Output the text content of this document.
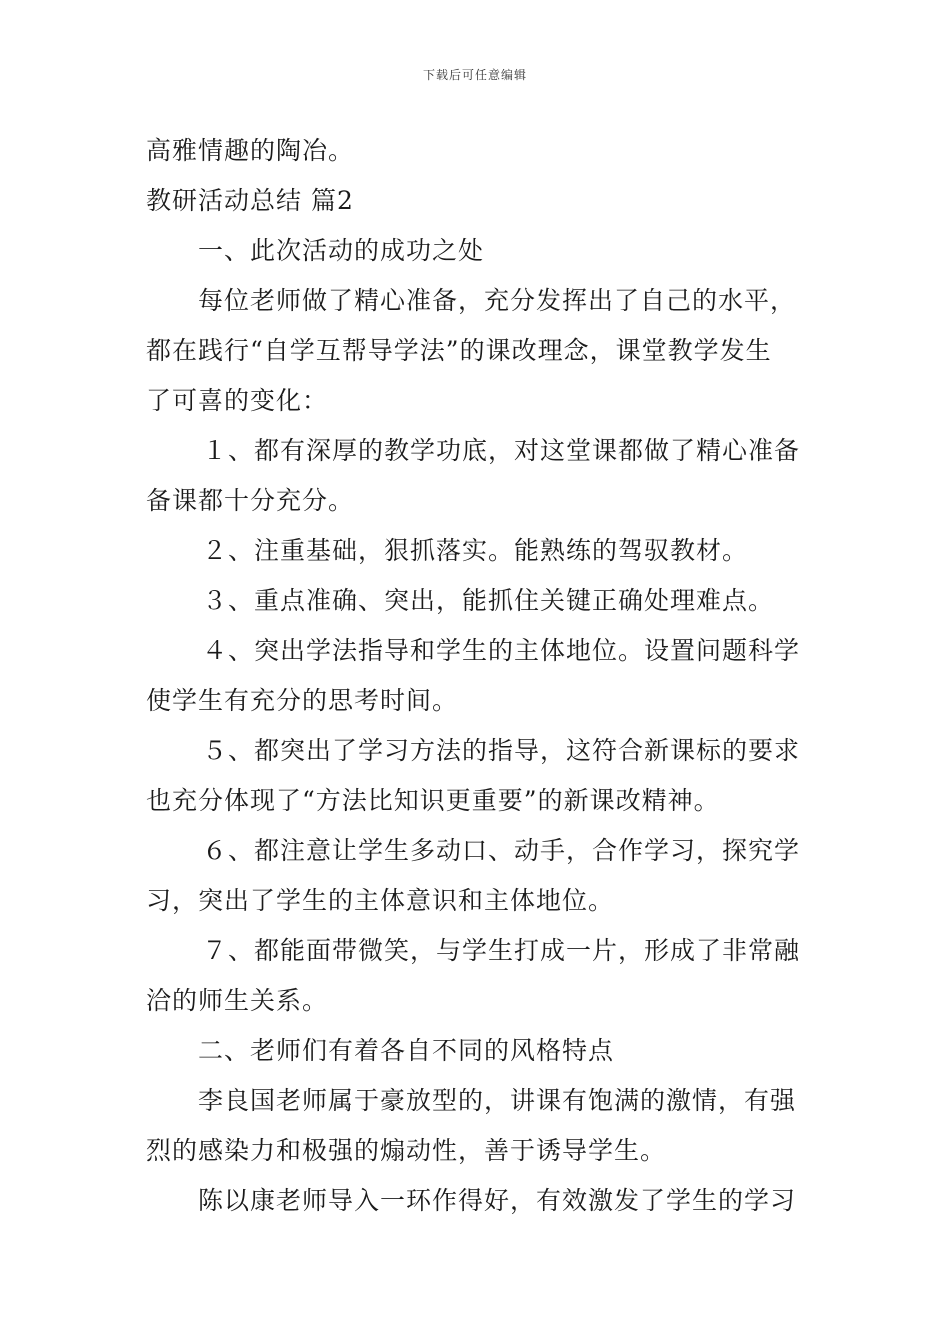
下载后可任意编辑
高雅情趣的陶冶。
教研活动总结 篇2
一、此次活动的成功之处
每位老师做了精心准备，充分发挥出了自己的水平，
都在践行“自学互帮导学法”的课改理念，课堂教学发生
了可喜的变化：
１、都有深厚的教学功底，对这堂课都做了精心准备
备课都十分充分。
２、注重基础，狠抓落实。能熟练的驾驭教材。
３、重点准确、突出，能抓住关键正确处理难点。
４、突出学法指导和学生的主体地位。设置问题科学
使学生有充分的思考时间。
５、都突出了学习方法的指导，这符合新课标的要求
也充分体现了“方法比知识更重要”的新课改精神。
６、都注意让学生多动口、动手，合作学习，探究学
习，突出了学生的主体意识和主体地位。
７、都能面带微笑，与学生打成一片，形成了非常融
洽的师生关系。
二、老师们有着各自不同的风格特点
李良国老师属于豪放型的，讲课有饱满的激情，有强
烈的感染力和极强的煽动性，善于诱导学生。
陈以康老师导入一环作得好，有效激发了学生的学习
